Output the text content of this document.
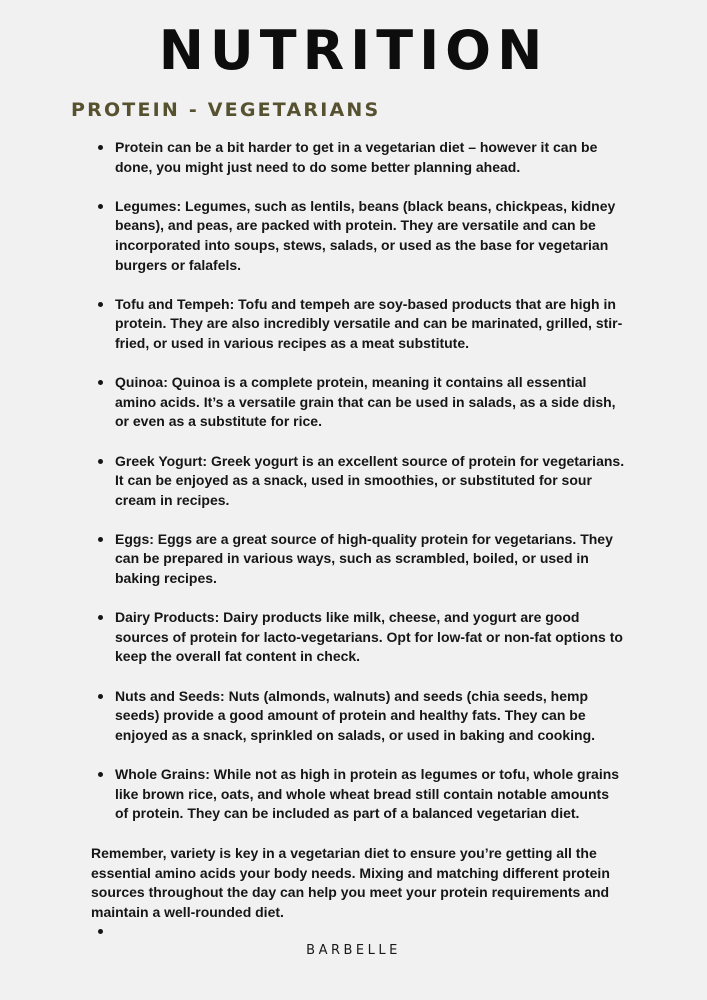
NUTRITION
PROTEIN - VEGETARIANS
Protein can be a bit harder to get in a vegetarian diet – however it can be done, you might just need to do some better planning ahead.
Legumes: Legumes, such as lentils, beans (black beans, chickpeas, kidney beans), and peas, are packed with protein. They are versatile and can be incorporated into soups, stews, salads, or used as the base for vegetarian burgers or falafels.
Tofu and Tempeh: Tofu and tempeh are soy-based products that are high in protein. They are also incredibly versatile and can be marinated, grilled, stir-fried, or used in various recipes as a meat substitute.
Quinoa: Quinoa is a complete protein, meaning it contains all essential amino acids. It’s a versatile grain that can be used in salads, as a side dish, or even as a substitute for rice.
Greek Yogurt: Greek yogurt is an excellent source of protein for vegetarians. It can be enjoyed as a snack, used in smoothies, or substituted for sour cream in recipes.
Eggs: Eggs are a great source of high-quality protein for vegetarians. They can be prepared in various ways, such as scrambled, boiled, or used in baking recipes.
Dairy Products: Dairy products like milk, cheese, and yogurt are good sources of protein for lacto-vegetarians. Opt for low-fat or non-fat options to keep the overall fat content in check.
Nuts and Seeds: Nuts (almonds, walnuts) and seeds (chia seeds, hemp seeds) provide a good amount of protein and healthy fats. They can be enjoyed as a snack, sprinkled on salads, or used in baking and cooking.
Whole Grains: While not as high in protein as legumes or tofu, whole grains like brown rice, oats, and whole wheat bread still contain notable amounts of protein. They can be included as part of a balanced vegetarian diet.

Remember, variety is key in a vegetarian diet to ensure you’re getting all the essential amino acids your body needs. Mixing and matching different protein sources throughout the day can help you meet your protein requirements and maintain a well-rounded diet.

BARBELLE
